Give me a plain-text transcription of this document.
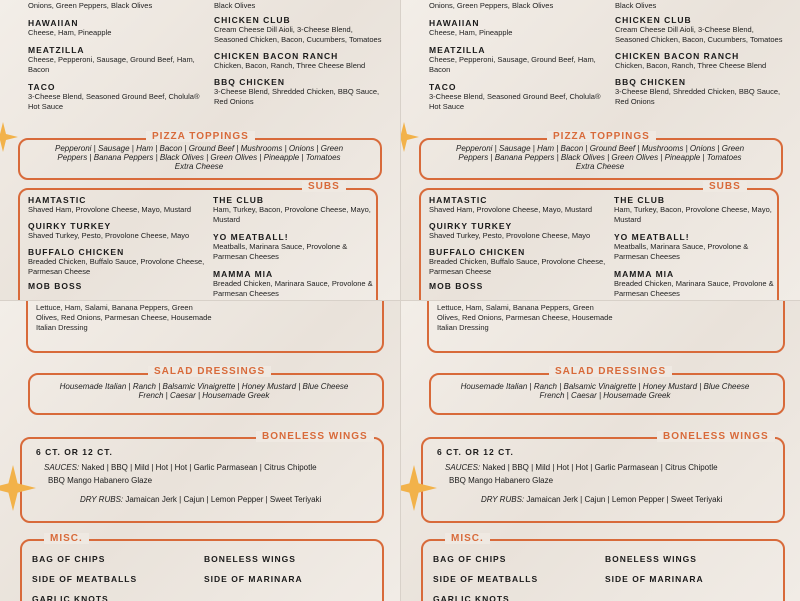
Onions, Green Peppers, Black Olives	Black Olives
HAWAIIAN
Cheese, Ham, Pineapple
MEATZILLA
Cheese, Pepperoni, Sausage, Ground Beef, Ham, Bacon
TACO
3-Cheese Blend, Seasoned Ground Beef, Cholula® Hot Sauce
CHICKEN CLUB
Cream Cheese Dill Aioli, 3-Cheese Blend, Seasoned Chicken, Bacon, Cucumbers, Tomatoes
CHICKEN BACON RANCH
Chicken, Bacon, Ranch, Three Cheese Blend
BBQ CHICKEN
3-Cheese Blend, Shredded Chicken, BBQ Sauce, Red Onions
PIZZA TOPPINGS
Pepperoni | Sausage | Ham | Bacon | Ground Beef | Mushrooms | Onions | Green
Peppers | Banana Peppers | Black Olives | Green Olives | Pineapple | Tomatoes
Extra Cheese
SUBS
HAMTASTIC
Shaved Ham, Provolone Cheese, Mayo, Mustard
QUIRKY TURKEY
Shaved Turkey, Pesto, Provolone Cheese, Mayo
BUFFALO CHICKEN
Breaded Chicken, Buffalo Sauce, Provolone Cheese, Parmesan Cheese
MOB BOSS
THE CLUB
Ham, Turkey, Bacon, Provolone Cheese, Mayo, Mustard
YO MEATBALL!
Meatballs, Marinara Sauce, Provolone & Parmesan Cheeses
MAMMA MIA
Breaded Chicken, Marinara Sauce, Provolone & Parmesan Cheeses
Onions, Green Peppers, Black Olives	Black Olives
HAWAIIAN
Cheese, Ham, Pineapple
MEATZILLA
Cheese, Pepperoni, Sausage, Ground Beef, Ham, Bacon
TACO
3-Cheese Blend, Seasoned Ground Beef, Cholula® Hot Sauce
CHICKEN CLUB
Cream Cheese Dill Aioli, 3-Cheese Blend, Seasoned Chicken, Bacon, Cucumbers, Tomatoes
CHICKEN BACON RANCH
Chicken, Bacon, Ranch, Three Cheese Blend
BBQ CHICKEN
3-Cheese Blend, Shredded Chicken, BBQ Sauce, Red Onions
PIZZA TOPPINGS
Pepperoni | Sausage | Ham | Bacon | Ground Beef | Mushrooms | Onions | Green
Peppers | Banana Peppers | Black Olives | Green Olives | Pineapple | Tomatoes
Extra Cheese
SUBS
HAMTASTIC
Shaved Ham, Provolone Cheese, Mayo, Mustard
QUIRKY TURKEY
Shaved Turkey, Pesto, Provolone Cheese, Mayo
BUFFALO CHICKEN
Breaded Chicken, Buffalo Sauce, Provolone Cheese, Parmesan Cheese
MOB BOSS
THE CLUB
Ham, Turkey, Bacon, Provolone Cheese, Mayo, Mustard
YO MEATBALL!
Meatballs, Marinara Sauce, Provolone & Parmesan Cheeses
MAMMA MIA
Breaded Chicken, Marinara Sauce, Provolone & Parmesan Cheeses
Lettuce, Ham, Salami, Banana Peppers, Green Olives, Red Onions, Parmesan Cheese, Housemade Italian Dressing
SALAD DRESSINGS
Housemade Italian | Ranch | Balsamic Vinaigrette | Honey Mustard | Blue Cheese
French | Caesar | Housemade Greek
BONELESS WINGS
6 CT. OR 12 CT.
SAUCES: Naked | BBQ | Mild | Hot | Hot | Garlic Parmasean | Citrus Chipotle
BBQ Mango Habanero Glaze
DRY RUBS: Jamaican Jerk | Cajun | Lemon Pepper | Sweet Teriyaki
MISC.
BAG OF CHIPS
SIDE OF MEATBALLS
GARLIC KNOTS
BONELESS WINGS
SIDE OF MARINARA
Lettuce, Ham, Salami, Banana Peppers, Green Olives, Red Onions, Parmesan Cheese, Housemade Italian Dressing
SALAD DRESSINGS
Housemade Italian | Ranch | Balsamic Vinaigrette | Honey Mustard | Blue Cheese
French | Caesar | Housemade Greek
BONELESS WINGS
6 CT. OR 12 CT.
SAUCES: Naked | BBQ | Mild | Hot | Hot | Garlic Parmasean | Citrus Chipotle
BBQ Mango Habanero Glaze
DRY RUBS: Jamaican Jerk | Cajun | Lemon Pepper | Sweet Teriyaki
MISC.
BAG OF CHIPS
SIDE OF MEATBALLS
GARLIC KNOTS
BONELESS WINGS
SIDE OF MARINARA
